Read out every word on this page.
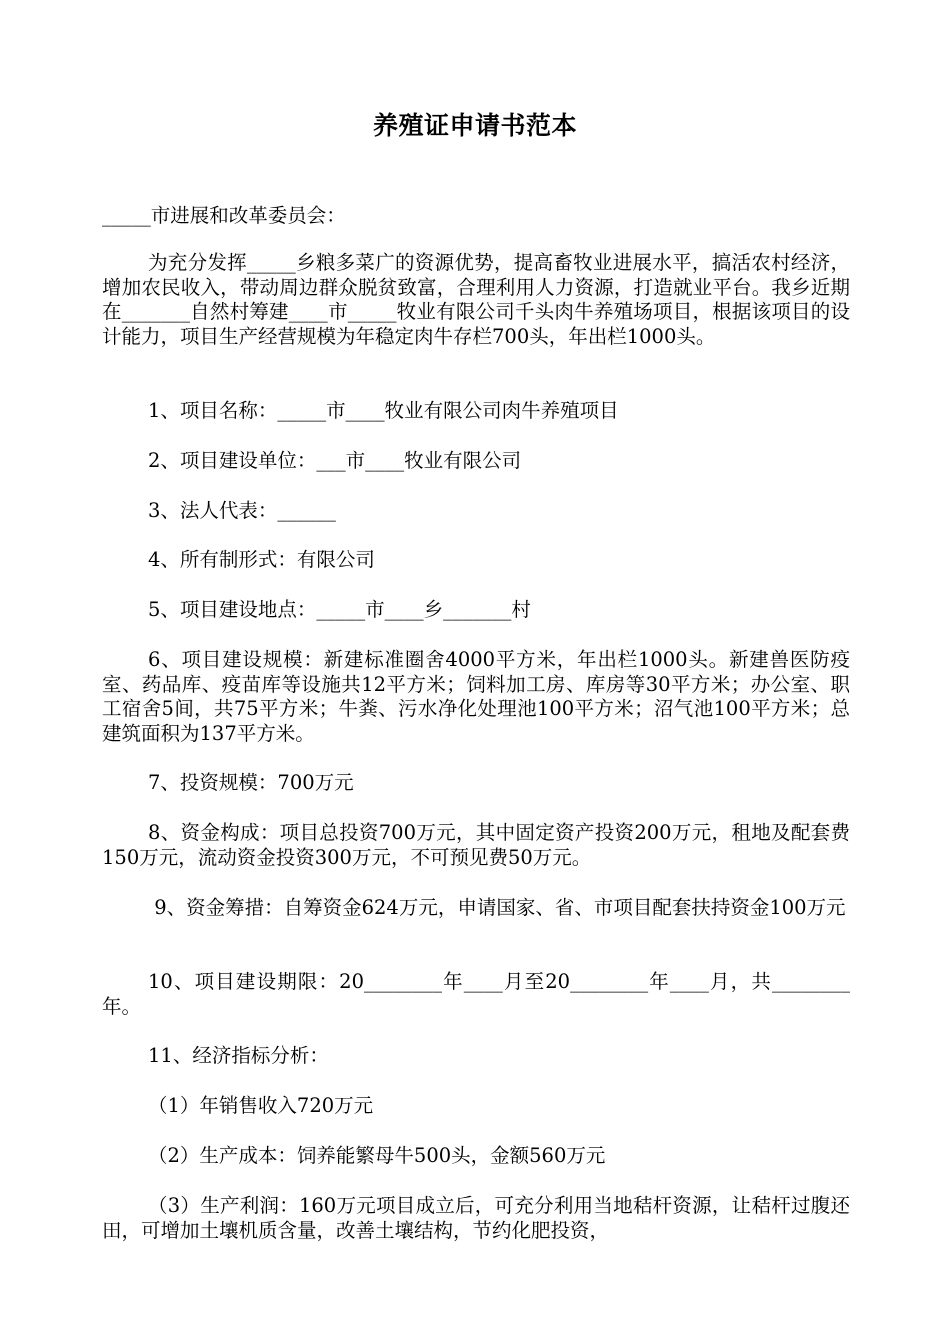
养殖证申请书范本

_____市进展和改革委员会：

为充分发挥_____乡粮多菜广的资源优势，提高畜牧业进展水平，搞活农村经济，增加农民收入，带动周边群众脱贫致富，合理利用人力资源，打造就业平台。我乡近期在_______自然村筹建____市_____牧业有限公司千头肉牛养殖场项目，根据该项目的设计能力，项目生产经营规模为年稳定肉牛存栏700头，年出栏1000头。

1、项目名称：_____市____牧业有限公司肉牛养殖项目

2、项目建设单位：___市____牧业有限公司

3、法人代表：______

4、所有制形式：有限公司

5、项目建设地点：_____市____乡_______村

6、项目建设规模：新建标准圈舍4000平方米，年出栏1000头。新建兽医防疫室、药品库、疫苗库等设施共12平方米；饲料加工房、库房等30平方米；办公室、职工宿舍5间，共75平方米；牛粪、污水净化处理池100平方米；沼气池100平方米；总建筑面积为137平方米。

7、投资规模：700万元

8、资金构成：项目总投资700万元，其中固定资产投资200万元，租地及配套费150万元，流动资金投资300万元，不可预见费50万元。

9、资金筹措：自筹资金624万元，申请国家、省、市项目配套扶持资金100万元

10、项目建设期限：20________年____月至20________年____月，共________年。

11、经济指标分析：

（1）年销售收入720万元

（2）生产成本：饲养能繁母牛500头，金额560万元

（3）生产利润：160万元项目成立后，可充分利用当地秸杆资源，让秸杆过腹还田，可增加土壤机质含量，改善土壤结构，节约化肥投资，
